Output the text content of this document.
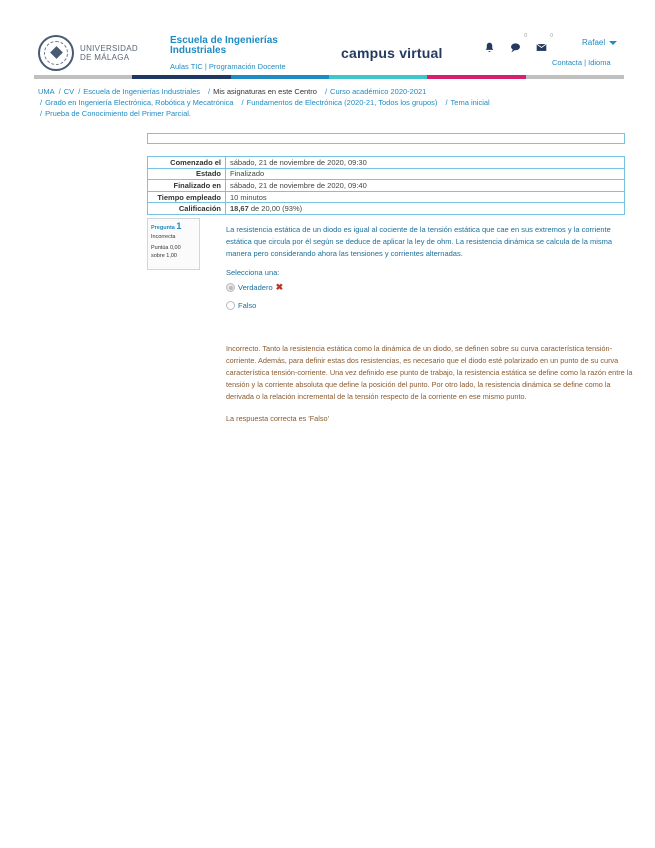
UNIVERSIDAD
DE MÁLAGA
Escuela de Ingenierías Industriales
Aulas TIC | Programación Docente
campus virtual
0	0
Rafael
Contacta | Idioma
UMA / CV / Escuela de Ingenierías Industriales / Mis asignaturas en este Centro / Curso académico 2020-2021
/ Grado en Ingeniería Electrónica, Robótica y Mecatrónica / Fundamentos de Electrónica (2020-21, Todos los grupos) / Tema inicial
/ Prueba de Conocimiento del Primer Parcial.
Comenzado el	sábado, 21 de noviembre de 2020, 09:30
Estado	Finalizado
Finalizado en	sábado, 21 de noviembre de 2020, 09:40
Tiempo empleado	10 minutos
Calificación	18,67 de 20,00 (93%)
Pregunta 1
Incorrecta
Puntúa 0,00
sobre 1,00
La resistencia estática de un diodo es igual al cociente de la tensión estática que cae en sus extremos y la corriente estática que circula por él según se deduce de aplicar la ley de ohm. La resistencia dinámica se calcula de la misma manera pero considerando ahora las tensiones y corrientes alternadas.
Selecciona una:
Verdadero ✖
Falso
Incorrecto. Tanto la resistencia estática como la dinámica de un diodo, se definen sobre su curva característica tensión-corriente. Además, para definir estas dos resistencias, es necesario que el diodo esté polarizado en un punto de su curva característica tensión-corriente. Una vez definido ese punto de trabajo, la resistencia estática se define como la razón entre la tensión y la corriente absoluta que define la posición del punto. Por otro lado, la resistencia dinámica se define como la derivada o la relación incremental de la tensión respecto de la corriente en ese mismo punto.
La respuesta correcta es 'Falso'
